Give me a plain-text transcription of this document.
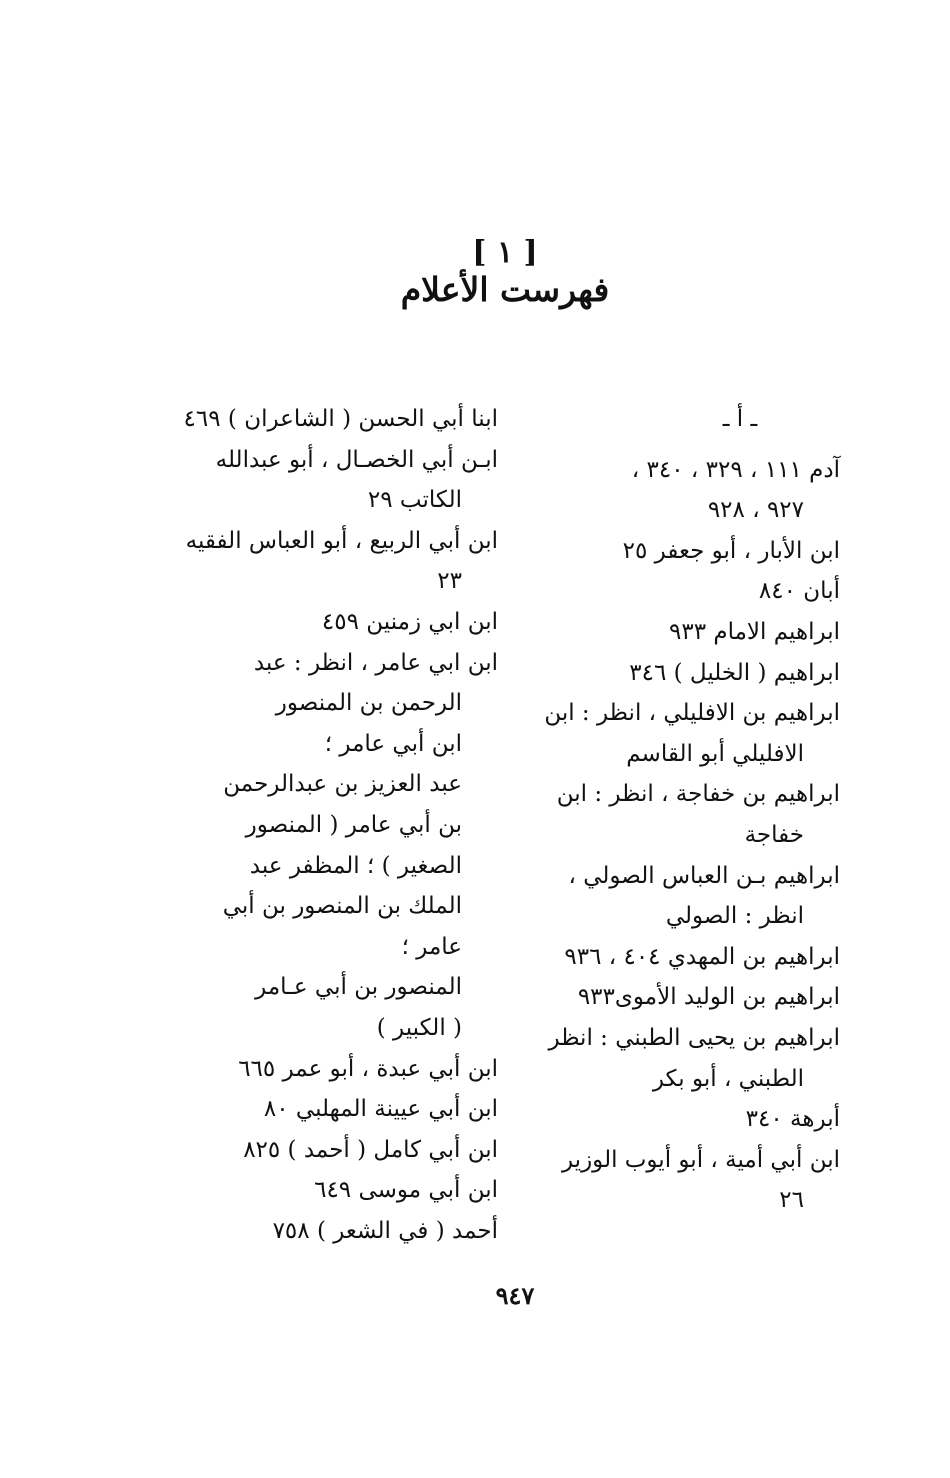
[ ١ ]
فهرست الأعلام
ـ أ ـ
آدم ١١١ ، ٣٢٩ ، ٣٤٠ ،
٩٢٧ ، ٩٢٨
ابن الأبار ، أبو جعفر ٢٥
أبان ٨٤٠
ابراهيم الامام ٩٣٣
ابراهيم ( الخليل ) ٣٤٦
ابراهيم بن الافليلي ، انظر : ابن
الافليلي أبو القاسم
ابراهيم بن خفاجة ، انظر : ابن
خفاجة
ابراهيم بـن العباس الصولي ،
انظر : الصولي
ابراهيم بن المهدي ٤٠٤ ، ٩٣٦
ابراهيم بن الوليد الأموى٩٣٣
ابراهيم بن يحيى الطبني : انظر
الطبني ، أبو بكر
أبرهة ٣٤٠
ابن أبي أمية ، أبو أيوب الوزير
٢٦
ابنا أبي الحسن ( الشاعران ) ٤٦٩
ابـن أبي الخصـال ، أبو عبدالله
الكاتب ٢٩
ابن أبي الربيع ، أبو العباس الفقيه
٢٣
ابن ابي زمنين ٤٥٩
ابن ابي عامر ، انظر : عبد
الرحمن بن المنصور
ابن أبي عامر ؛
عبد العزيز بن عبدالرحمن
بن أبي عامر ( المنصور
الصغير ) ؛ المظفر عبد
الملك بن المنصور بن أبي
عامر ؛
المنصور بن أبي عـامر
( الكبير )
ابن أبي عبدة ، أبو عمر ٦٦٥
ابن أبي عيينة المهلبي ٨٠
ابن أبي كامل ( أحمد ) ٨٢٥
ابن أبي موسى ٦٤٩
أحمد ( في الشعر ) ٧٥٨
٩٤٧
